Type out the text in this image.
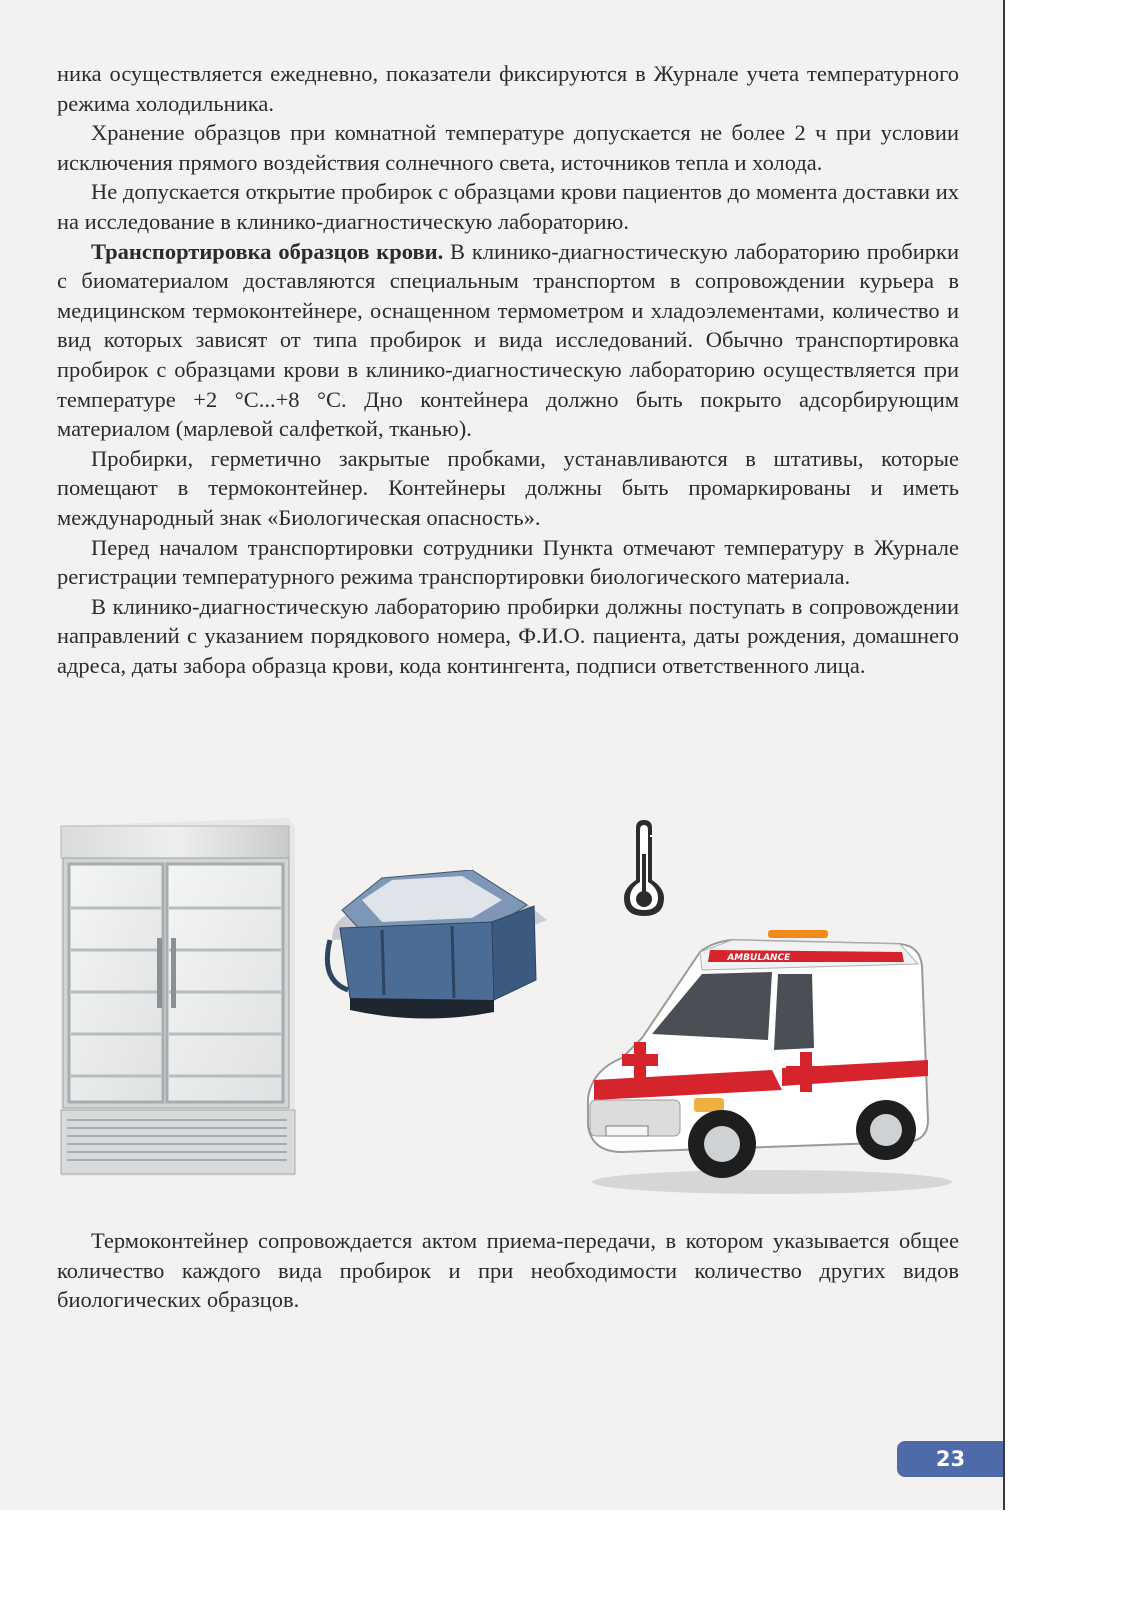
ника осуществляется ежедневно, показатели фиксируются в Журнале учета температурного режима холодильника.

Хранение образцов при комнатной температуре допускается не более 2 ч при условии исключения прямого воздействия солнечного света, источников тепла и холода.

Не допускается открытие пробирок с образцами крови пациентов до момента доставки их на исследование в клинико-диагностическую лабораторию.

Транспортировка образцов крови. В клинико-диагностическую лабораторию пробирки с биоматериалом доставляются специальным транспортом в сопровождении курьера в медицинском термоконтейнере, оснащенном термометром и хладоэлементами, количество и вид которых зависят от типа пробирок и вида исследований. Обычно транспортировка пробирок с образцами крови в клинико-диагностическую лабораторию осуществляется при температуре +2 °С...+8 °С. Дно контейнера должно быть покрыто адсорбирующим материалом (марлевой салфеткой, тканью).

Пробирки, герметично закрытые пробками, устанавливаются в штативы, которые помещают в термоконтейнер. Контейнеры должны быть промаркированы и иметь международный знак «Биологическая опасность».

Перед началом транспортировки сотрудники Пункта отмечают температуру в Журнале регистрации температурного режима транспортировки биологического материала.

В клинико-диагностическую лабораторию пробирки должны поступать в сопровождении направлений с указанием порядкового номера, Ф.И.О. пациента, даты рождения, домашнего адреса, даты забора образца крови, кода контингента, подписи ответственного лица.

AMBULANCE

Термоконтейнер сопровождается актом приема-передачи, в котором указывается общее количество каждого вида пробирок и при необходимости количество других видов биологических образцов.

23
